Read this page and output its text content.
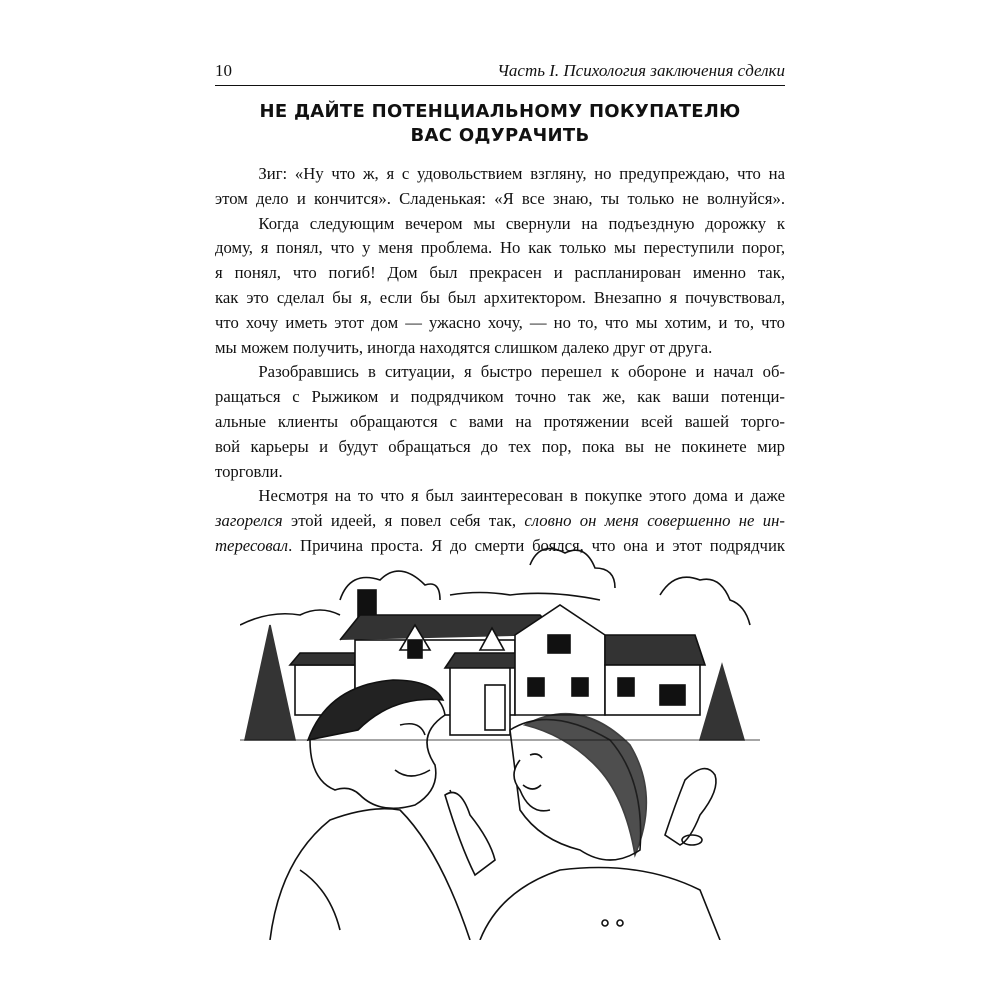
10	Часть I. Психология заключения сделки
НЕ ДАЙТЕ ПОТЕНЦИАЛЬНОМУ ПОКУПАТЕЛЮ
ВАС ОДУРАЧИТЬ

Зиг: «Ну что ж, я с удовольствием взгляну, но предупреждаю, что на
этом дело и кончится». Сладенькая: «Я все знаю, ты только не волнуйся».

Когда следующим вечером мы свернули на подъездную дорожку к
дому, я понял, что у меня проблема. Но как только мы переступили порог,
я понял, что погиб! Дом был прекрасен и распланирован именно так,
как это сделал бы я, если бы был архитектором. Внезапно я почувствовал,
что хочу иметь этот дом — ужасно хочу, — но то, что мы хотим, и то, что
мы можем получить, иногда находятся слишком далеко друг от друга.

Разобравшись в ситуации, я быстро перешел к обороне и начал об-
ращаться с Рыжиком и подрядчиком точно так же, как ваши потенци-
альные клиенты обращаются с вами на протяжении всей вашей торго-
вой карьеры и будут обращаться до тех пор, пока вы не покинете мир
торговли.

Несмотря на то что я был заинтересован в покупке этого дома и даже
загорелся этой идеей, я повел себя так, словно он меня совершенно не ин-
тересовал. Причина проста. Я до смерти боялся, что она и этот подрядчик
